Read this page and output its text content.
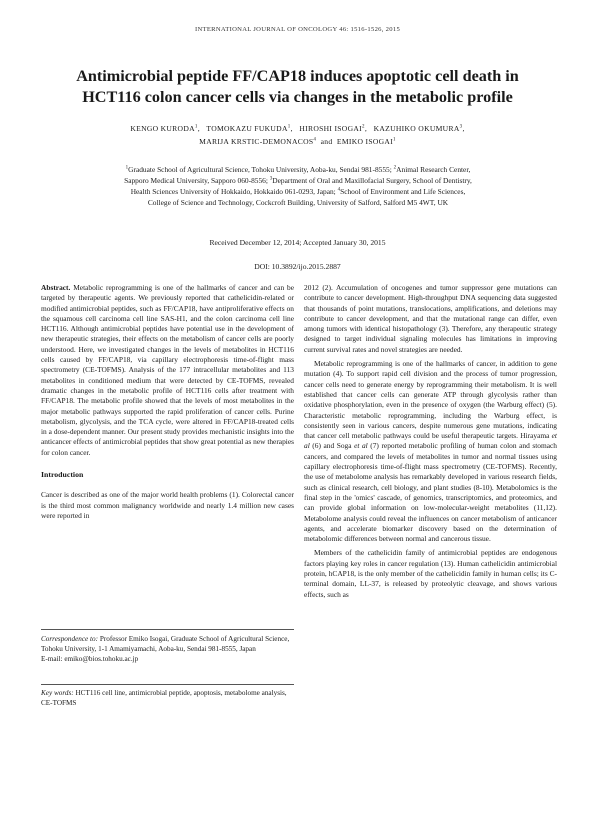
INTERNATIONAL JOURNAL OF ONCOLOGY 46: 1516-1526, 2015
Antimicrobial peptide FF/CAP18 induces apoptotic cell death in
HCT116 colon cancer cells via changes in the metabolic profile
KENGO KURODA$^1$,   TOMOKAZU FUKUDA$^1$,   HIROSHI ISOGAI$^2$,   KAZUHIKO OKUMURA$^3$,
MARIJA KRSTIC-DEMONACOS$^4$ and EMIKO ISOGAI$^1$
$^1$Graduate School of Agricultural Science, Tohoku University, Aoba-ku, Sendai 981-8555; $^2$Animal Research Center,
Sapporo Medical University, Sapporo 060-8556; $^3$Department of Oral and Maxillofacial Surgery, School of Dentistry,
Health Sciences University of Hokkaido, Hokkaido 061-0293, Japan; $^4$School of Environment and Life Sciences,
College of Science and Technology, Cockcroft Building, University of Salford, Salford M5 4WT, UK
Received December 12, 2014; Accepted January 30, 2015
DOI: 10.3892/ijo.2015.2887
Abstract. Metabolic reprogramming is one of the hallmarks of cancer and can be targeted by therapeutic agents. We previously reported that cathelicidin-related or modified antimicrobial peptides, such as FF/CAP18, have antiproliferative effects on the squamous cell carcinoma cell line SAS-H1, and the colon carcinoma cell line HCT116. Although antimicrobial peptides have potential use in the development of new therapeutic strategies, their effects on the metabolism of cancer cells are poorly understood. Here, we investigated changes in the levels of metabolites in HCT116 cells caused by FF/CAP18, via capillary electrophoresis time-of-flight mass spectrometry (CE-TOFMS). Analysis of the 177 intracellular metabolites and 113 metabolites in conditioned medium that were detected by CE-TOFMS, revealed dramatic changes in the metabolic profile of HCT116 cells after treatment with FF/CAP18. The metabolic profile showed that the levels of most metabolites in the major metabolic pathways supported the rapid proliferation of cancer cells. Purine metabolism, glycolysis, and the TCA cycle, were altered in FF/CAP18-treated cells in a dose-dependent manner. Our present study provides mechanistic insights into the anticancer effects of antimicrobial peptides that show great potential as new therapies for colon cancer.
Introduction
Cancer is described as one of the major world health problems (1). Colorectal cancer is the third most common malignancy worldwide and nearly 1.4 million new cases were reported in
Correspondence to: Professor Emiko Isogai, Graduate School of Agricultural Science, Tohoku University, 1-1 Amamiyamachi, Aoba-ku, Sendai 981-8555, Japan
E-mail: emiko@bios.tohoku.ac.jp
Key words: HCT116 cell line, antimicrobial peptide, apoptosis, metabolome analysis, CE-TOFMS
2012 (2). Accumulation of oncogenes and tumor suppressor gene mutations can contribute to cancer development. High-throughput DNA sequencing data suggested that thousands of point mutations, translocations, amplifications, and deletions may contribute to cancer development, and that the mutational range can differ, even among tumors with identical histopathology (3). Therefore, any therapeutic strategy designed to target individual signaling molecules has limitations in improving current survival rates and novel strategies are needed.
Metabolic reprogramming is one of the hallmarks of cancer, in addition to gene mutation (4). To support rapid cell division and the process of tumor progression, cancer cells need to generate energy by reprogramming their metabolism. It is well established that cancer cells can generate ATP through glycolysis rather than oxidative phosphorylation, even in the presence of oxygen (the Warburg effect) (5). Characteristic metabolic reprogramming, including the Warburg effect, is consistently seen in various cancers, despite numerous gene mutations, indicating that cancer cell metabolic pathways could be useful therapeutic targets. Hirayama et al (6) and Soga et al (7) reported metabolic profiling of human colon and stomach cancers, and compared the levels of metabolites in tumor and normal tissues using capillary electrophoresis time-of-flight mass spectrometry (CE-TOFMS). Recently, the use of metabolome analysis has remarkably developed in various research fields, such as clinical research, cell biology, and plant studies (8-10). Metabolomics is the final step in the 'omics' cascade, of genomics, transcriptomics, and proteomics, and can provide global information on low-molecular-weight metabolites (11,12). Metabolome analysis could reveal the influences on cancer metabolism of anticancer agents, and accelerate biomarker discovery based on the determination of metabolomic differences between normal and cancerous tissue.
Members of the cathelicidin family of antimicrobial peptides are endogenous factors playing key roles in cancer regulation (13). Human cathelicidin antimicrobial protein, hCAP18, is the only member of the cathelicidin family in human cells; its C-terminal domain, LL-37, is released by proteolytic cleavage, and shows various effects, such as
